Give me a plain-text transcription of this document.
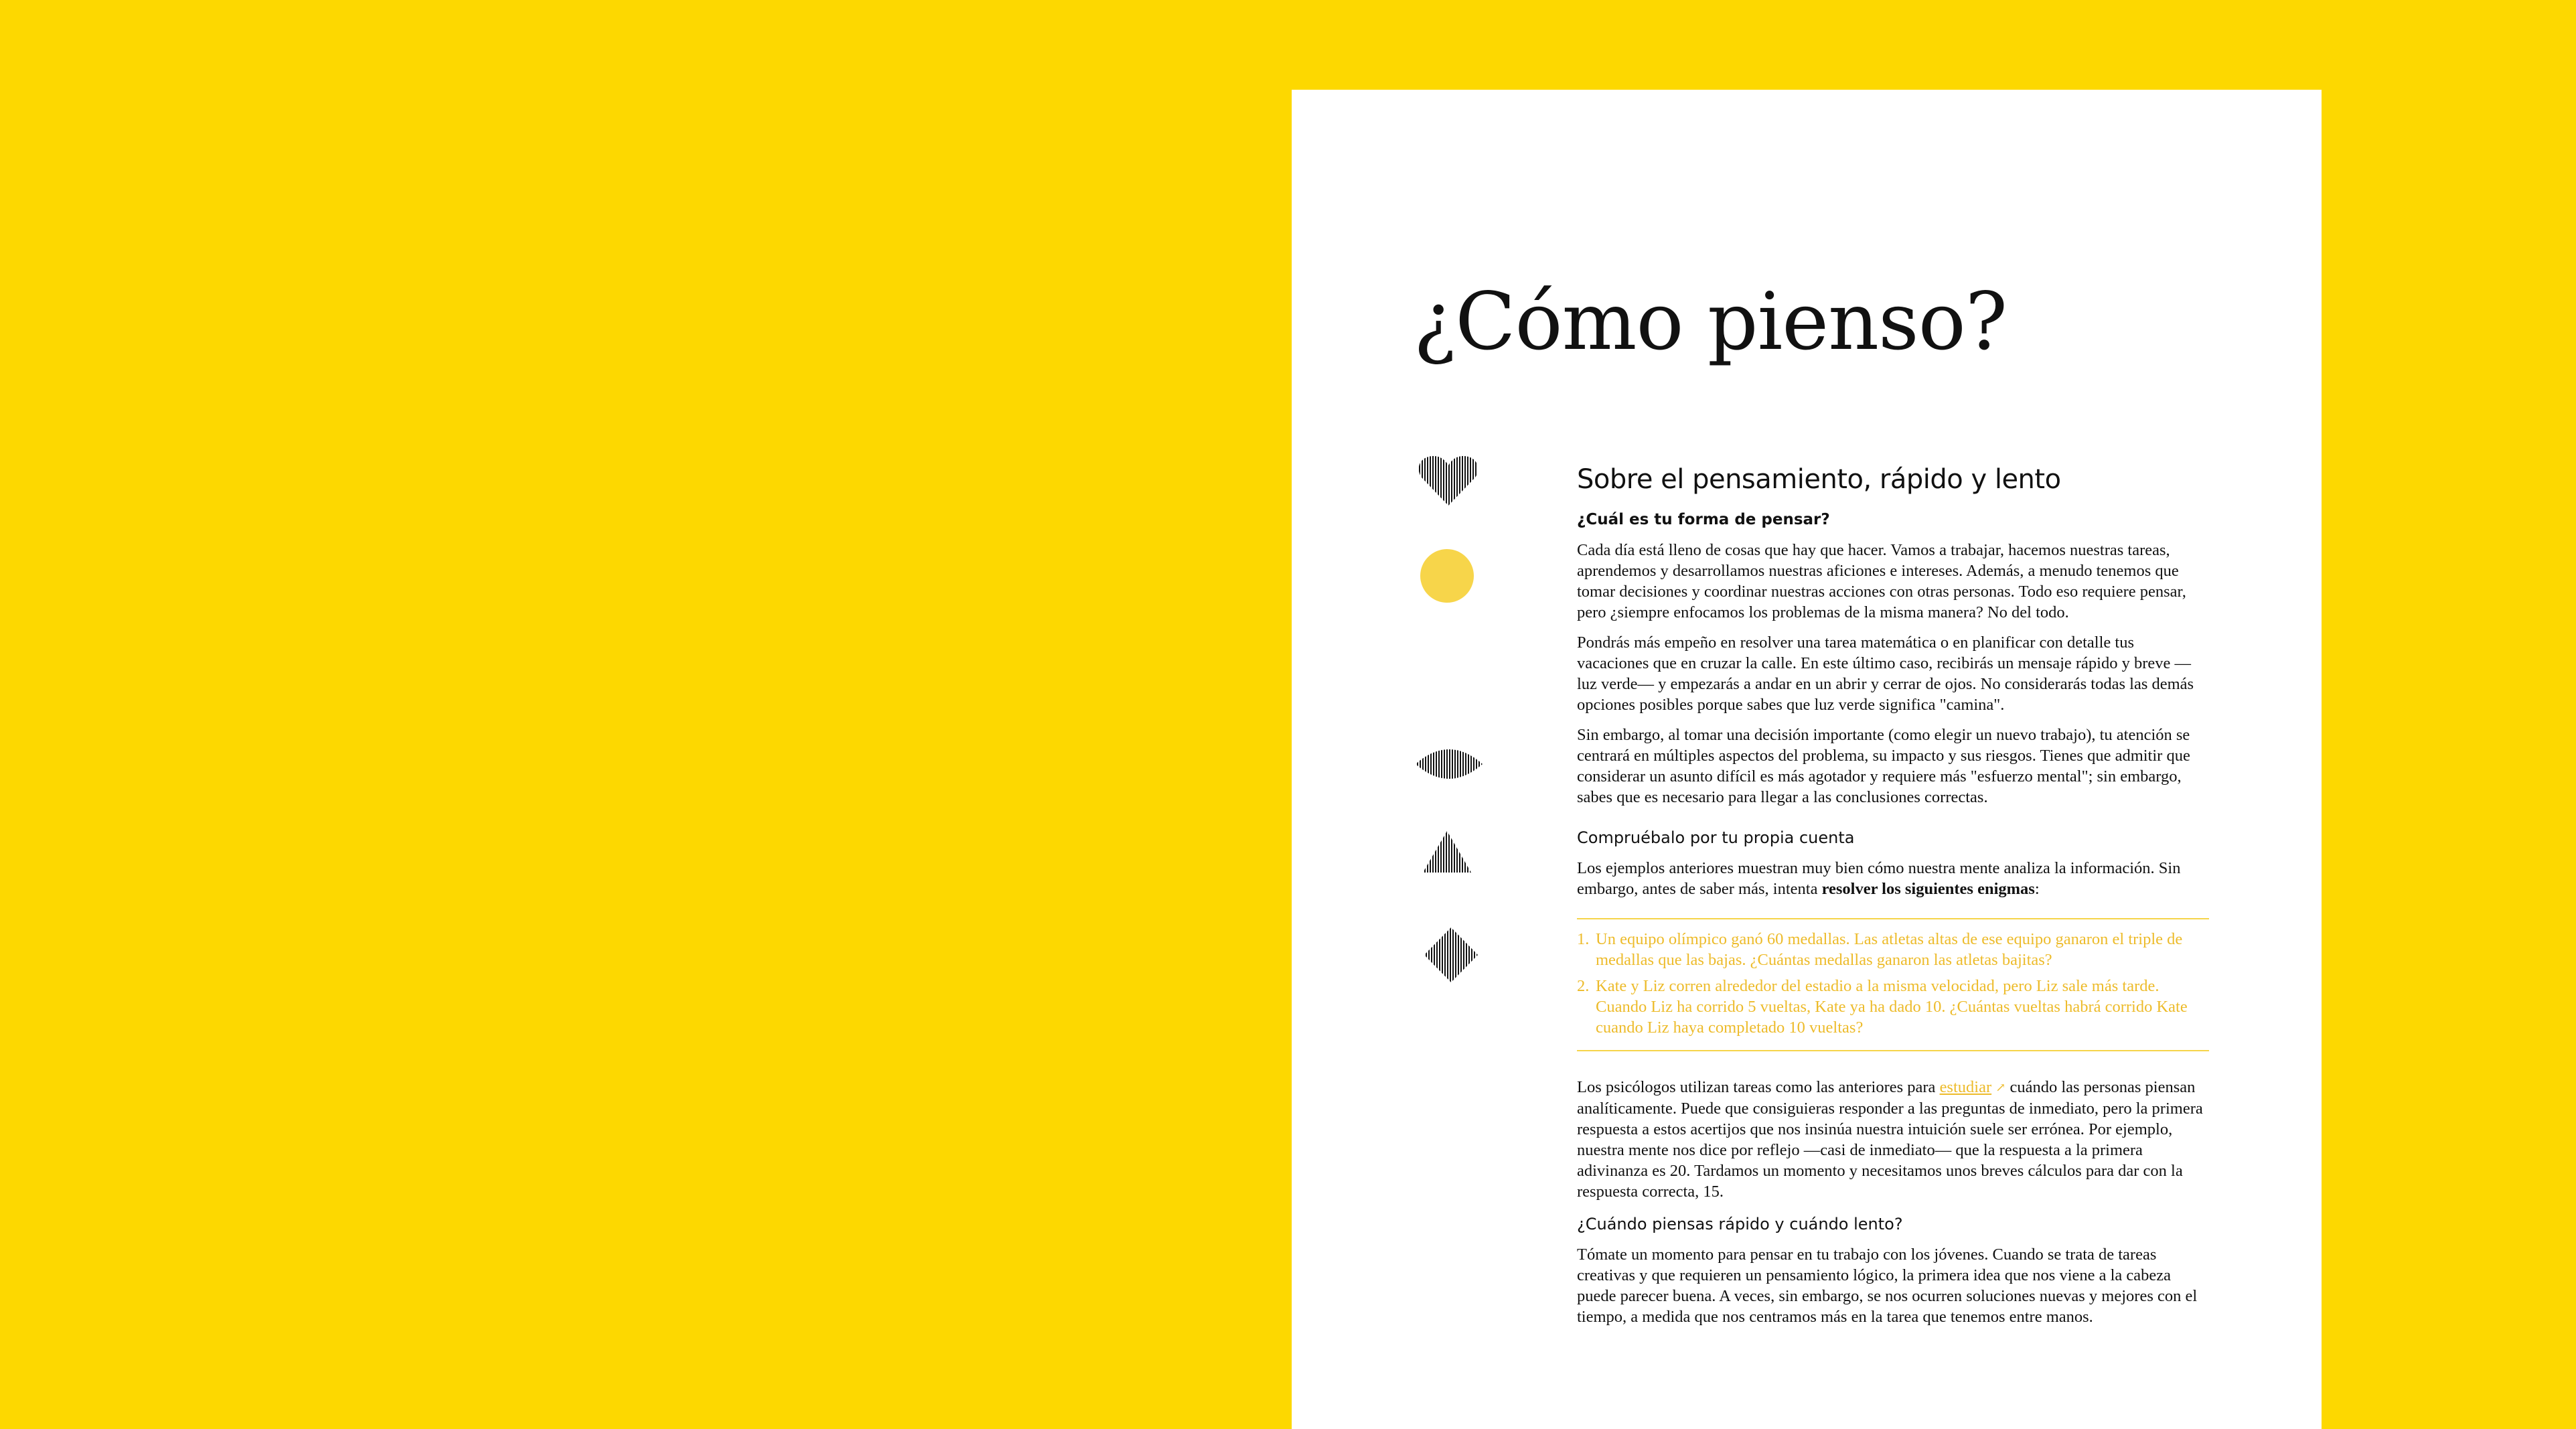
¿Cómo pienso?
Sobre el pensamiento, rápido y lento
¿Cuál es tu forma de pensar?

Cada día está lleno de cosas que hay que hacer. Vamos a trabajar, hacemos nuestras tareas, aprendemos y desarrollamos nuestras aficiones e intereses. Además, a menudo tenemos que tomar decisiones y coordinar nuestras acciones con otras personas. Todo eso requiere pensar, pero ¿siempre enfocamos los problemas de la misma manera? No del todo.

Pondrás más empeño en resolver una tarea matemática o en planificar con detalle tus vacaciones que en cruzar la calle. En este último caso, recibirás un mensaje rápido y breve —luz verde— y empezarás a andar en un abrir y cerrar de ojos. No considerarás todas las demás opciones posibles porque sabes que luz verde significa "camina".

Sin embargo, al tomar una decisión importante (como elegir un nuevo trabajo), tu atención se centrará en múltiples aspectos del problema, su impacto y sus riesgos. Tienes que admitir que considerar un asunto difícil es más agotador y requiere más "esfuerzo mental"; sin embargo, sabes que es necesario para llegar a las conclusiones correctas.

Compruébalo por tu propia cuenta

Los ejemplos anteriores muestran muy bien cómo nuestra mente analiza la información. Sin embargo, antes de saber más, intenta resolver los siguientes enigmas:

1. Un equipo olímpico ganó 60 medallas. Las atletas altas de ese equipo ganaron el triple de medallas que las bajas. ¿Cuántas medallas ganaron las atletas bajitas?
2. Kate y Liz corren alrededor del estadio a la misma velocidad, pero Liz sale más tarde. Cuando Liz ha corrido 5 vueltas, Kate ya ha dado 10. ¿Cuántas vueltas habrá corrido Kate cuando Liz haya completado 10 vueltas?

Los psicólogos utilizan tareas como las anteriores para estudiar ↗ cuándo las personas piensan analíticamente. Puede que consiguieras responder a las preguntas de inmediato, pero la primera respuesta a estos acertijos que nos insinúa nuestra intuición suele ser errónea. Por ejemplo, nuestra mente nos dice por reflejo —casi de inmediato— que la respuesta a la primera adivinanza es 20. Tardamos un momento y necesitamos unos breves cálculos para dar con la respuesta correcta, 15.

¿Cuándo piensas rápido y cuándo lento?

Tómate un momento para pensar en tu trabajo con los jóvenes. Cuando se trata de tareas creativas y que requieren un pensamiento lógico, la primera idea que nos viene a la cabeza puede parecer buena. A veces, sin embargo, se nos ocurren soluciones nuevas y mejores con el tiempo, a medida que nos centramos más en la tarea que tenemos entre manos.
